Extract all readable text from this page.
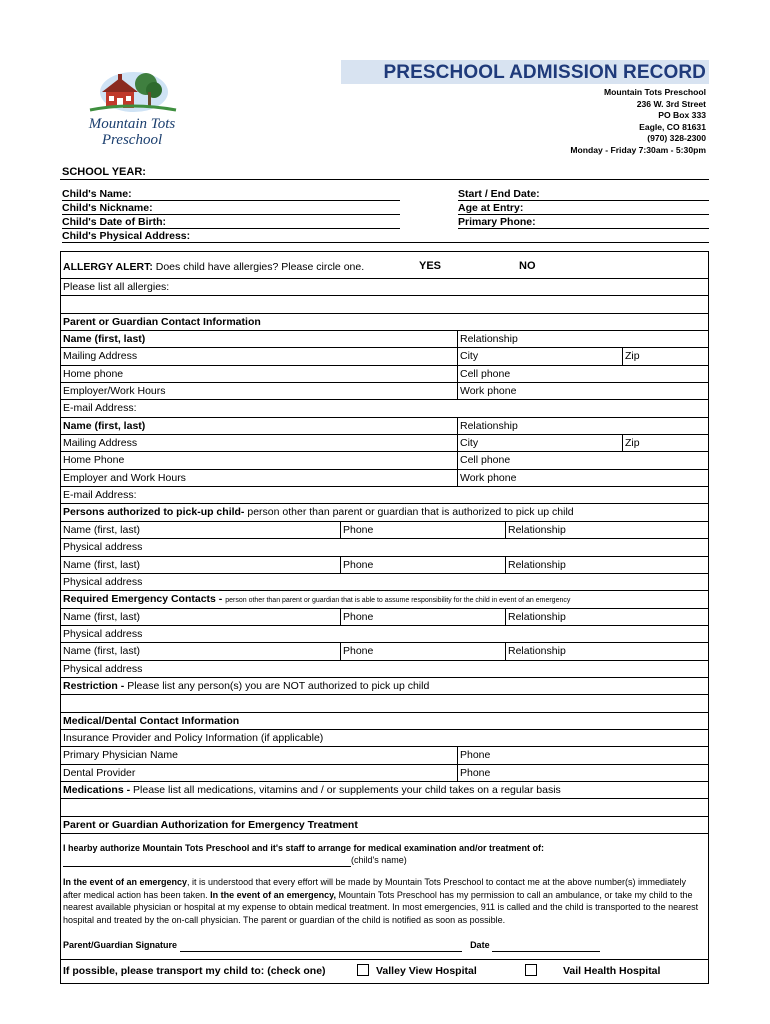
Mountain Tots
Preschool
PRESCHOOL ADMISSION RECORD
Mountain Tots Preschool
236 W. 3rd Street
PO Box 333
Eagle, CO 81631
(970) 328-2300
Monday - Friday 7:30am - 5:30pm
SCHOOL YEAR:
Child's Name:
Child's Nickname:
Child's Date of Birth:
Child's Physical Address:
Start / End Date:
Age at Entry:
Primary Phone:
ALLERGY ALERT: Does child have allergies? Please circle one.	YES	NO
Please list all allergies:
Parent or Guardian Contact Information
Name (first, last)	Relationship
Mailing Address	City	Zip
Home phone	Cell phone
Employer/Work Hours	Work phone
E-mail Address:
Name (first, last)	Relationship
Mailing Address	City	Zip
Home Phone	Cell phone
Employer and Work Hours	Work phone
E-mail Address:
Persons authorized to pick-up child- person other than parent or guardian that is authorized to pick up child
Name (first, last)	Phone	Relationship
Physical address
Name (first, last)	Phone	Relationship
Physical address
Required Emergency Contacts - person other than parent or guardian that is able to assume responsibility for the child in event of an emergency
Name (first, last)	Phone	Relationship
Physical address
Name (first, last)	Phone	Relationship
Physical address
Restriction - Please list any person(s) you are NOT authorized to pick up child
Medical/Dental Contact Information
Insurance Provider and Policy Information (if applicable)
Primary Physician Name	Phone
Dental Provider	Phone
Medications - Please list all medications, vitamins and / or supplements your child takes on a regular basis
Parent or Guardian Authorization for Emergency Treatment
I hearby authorize Mountain Tots Preschool and it's staff to arrange for medical examination and/or treatment of:
(child's name)
In the event of an emergency, it is understood that every effort will be made by Mountain Tots Preschool to contact me at the above number(s) immediately after medical action has been taken. In the event of an emergency, Mountain Tots Preschool has my permission to call an ambulance, or take my child to the nearest available physician or hospital at my expense to obtain medical treatment. In most emergencies, 911 is called and the child is transported to the nearest hospital and treated by the on-call physician. The parent or guardian of the child is notified as soon as possible.
Parent/Guardian Signature	Date
If possible, please transport my child to: (check one)	Valley View Hospital	Vail Health Hospital
